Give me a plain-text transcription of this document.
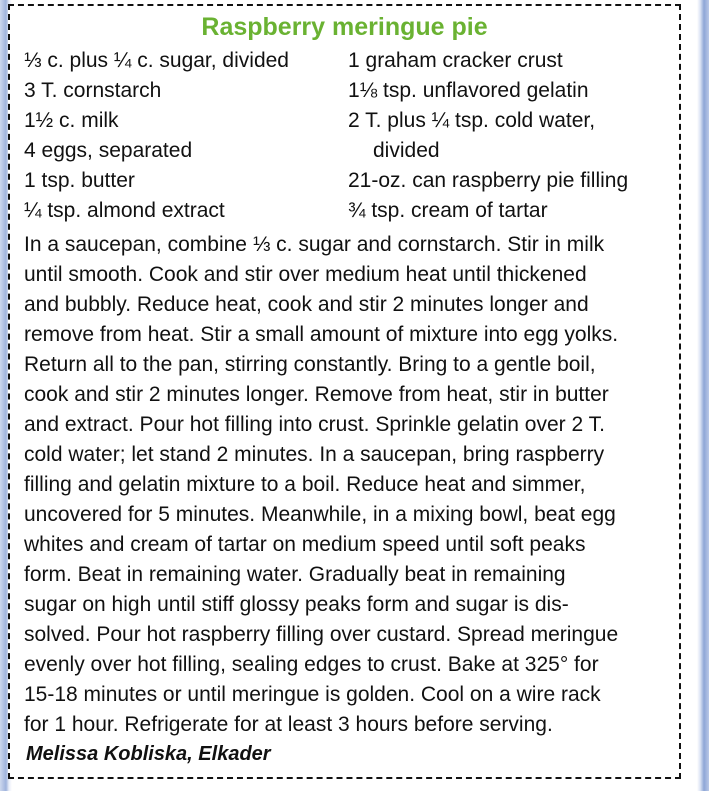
Raspberry meringue pie
⅓ c. plus ¼ c. sugar, divided
3 T. cornstarch
1½ c. milk
4 eggs, separated
1 tsp. butter
¼ tsp. almond extract
1 graham cracker crust
1⅛ tsp. unflavored gelatin
2 T. plus ¼ tsp. cold water,
divided
21-oz. can raspberry pie filling
¾ tsp. cream of tartar
In a saucepan, combine ⅓ c. sugar and cornstarch. Stir in milk
until smooth. Cook and stir over medium heat until thickened
and bubbly. Reduce heat, cook and stir 2 minutes longer and
remove from heat. Stir a small amount of mixture into egg yolks.
Return all to the pan, stirring constantly. Bring to a gentle boil,
cook and stir 2 minutes longer. Remove from heat, stir in butter
and extract. Pour hot filling into crust. Sprinkle gelatin over 2 T.
cold water; let stand 2 minutes. In a saucepan, bring raspberry
filling and gelatin mixture to a boil. Reduce heat and simmer,
uncovered for 5 minutes. Meanwhile, in a mixing bowl, beat egg
whites and cream of tartar on medium speed until soft peaks
form. Beat in remaining water. Gradually beat in remaining
sugar on high until stiff glossy peaks form and sugar is dis-
solved. Pour hot raspberry filling over custard. Spread meringue
evenly over hot filling, sealing edges to crust. Bake at 325° for
15-18 minutes or until meringue is golden. Cool on a wire rack
for 1 hour. Refrigerate for at least 3 hours before serving.
Melissa Kobliska, Elkader
